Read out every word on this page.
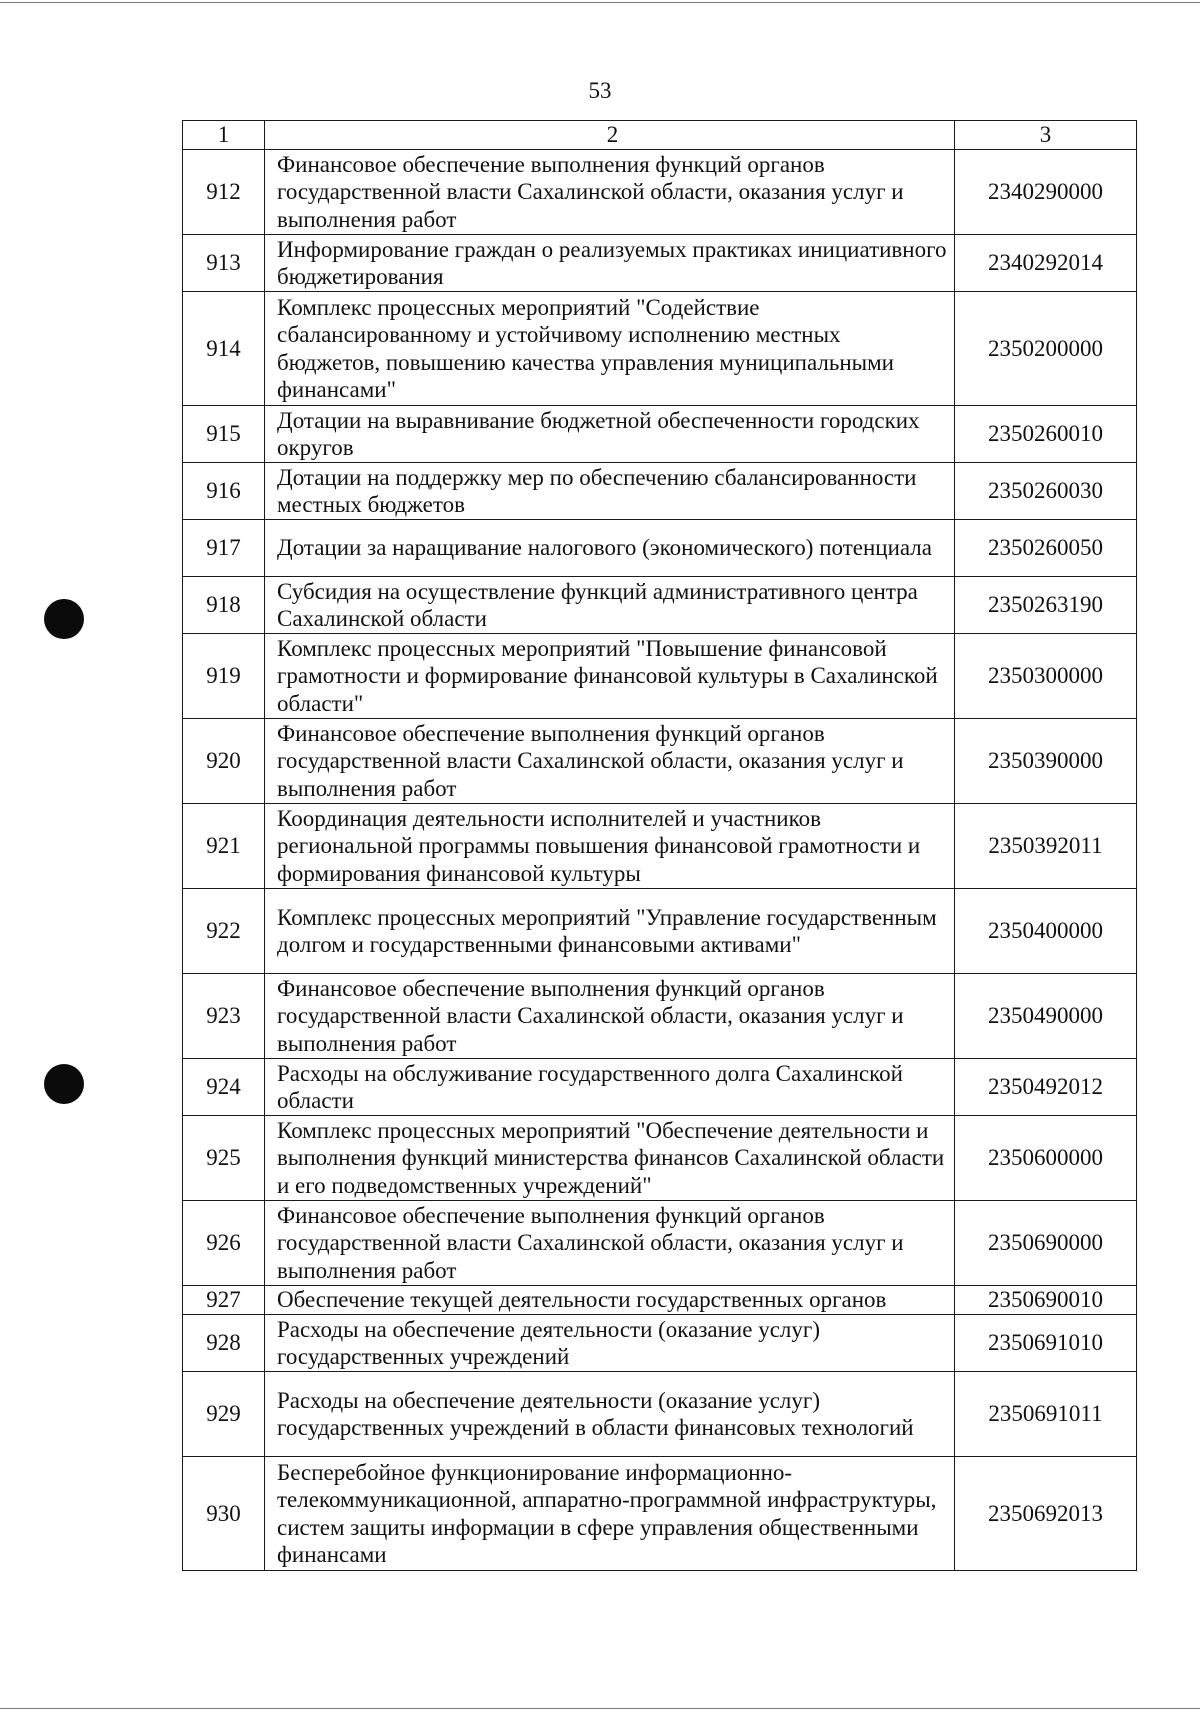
53
1	2	3
912	Финансовое обеспечение выполнения функций органов государственной власти Сахалинской области, оказания услуг и выполнения работ	2340290000
913	Информирование граждан о реализуемых практиках инициативного бюджетирования	2340292014
914	Комплекс процессных мероприятий "Содействие сбалансированному и устойчивому исполнению местных бюджетов, повышению качества управления муниципальными финансами"	2350200000
915	Дотации на выравнивание бюджетной обеспеченности городских округов	2350260010
916	Дотации на поддержку мер по обеспечению сбалансированности местных бюджетов	2350260030
917	Дотации за наращивание налогового (экономического) потенциала	2350260050
918	Субсидия на осуществление функций административного центра Сахалинской области	2350263190
919	Комплекс процессных мероприятий "Повышение финансовой грамотности и формирование финансовой культуры в Сахалинской области"	2350300000
920	Финансовое обеспечение выполнения функций органов государственной власти Сахалинской области, оказания услуг и выполнения работ	2350390000
921	Координация деятельности исполнителей и участников региональной программы повышения финансовой грамотности и формирования финансовой культуры	2350392011
922	Комплекс процессных мероприятий "Управление государственным долгом и государственными финансовыми активами"	2350400000
923	Финансовое обеспечение выполнения функций органов государственной власти Сахалинской области, оказания услуг и выполнения работ	2350490000
924	Расходы на обслуживание государственного долга Сахалинской области	2350492012
925	Комплекс процессных мероприятий "Обеспечение деятельности и выполнения функций министерства финансов Сахалинской области и его подведомственных учреждений"	2350600000
926	Финансовое обеспечение выполнения функций органов государственной власти Сахалинской области, оказания услуг и выполнения работ	2350690000
927	Обеспечение текущей деятельности государственных органов	2350690010
928	Расходы на обеспечение деятельности (оказание услуг) государственных учреждений	2350691010
929	Расходы на обеспечение деятельности (оказание услуг) государственных учреждений в области финансовых технологий	2350691011
930	Бесперебойное функционирование информационно-телекоммуникационной, аппаратно-программной инфраструктуры, систем защиты информации в сфере управления общественными финансами	2350692013
